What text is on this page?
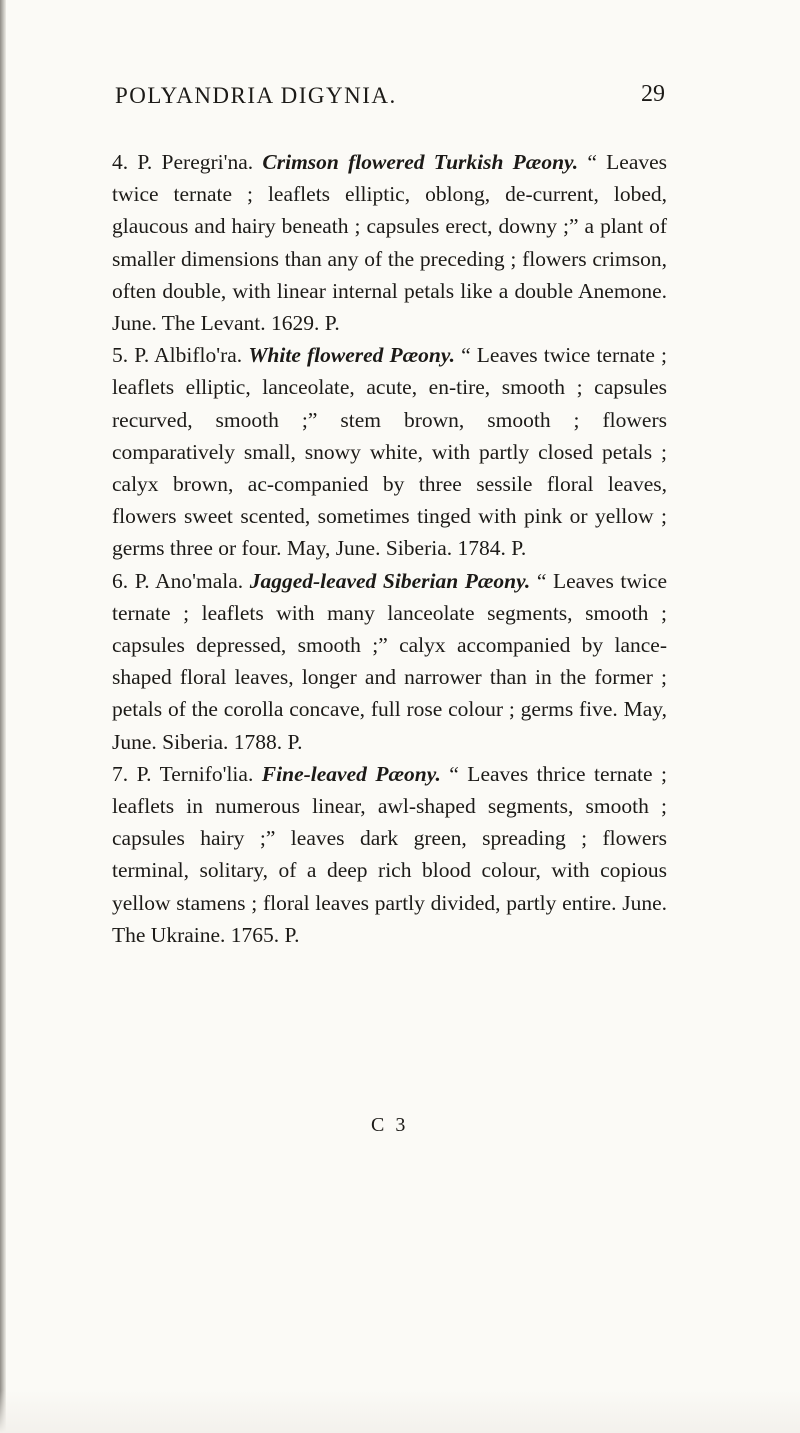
POLYANDRIA DIGYNIA.	29

4. P. Peregri'na. Crimson flowered Turkish Pæony. “ Leaves twice ternate ; leaflets elliptic, oblong, de-current, lobed, glaucous and hairy beneath ; capsules erect, downy ;” a plant of smaller dimensions than any of the preceding ; flowers crimson, often double, with linear internal petals like a double Anemone. June. The Levant. 1629. P.

5. P. Albiflo'ra. White flowered Pæony. “ Leaves twice ternate ; leaflets elliptic, lanceolate, acute, en-tire, smooth ; capsules recurved, smooth ;” stem brown, smooth ; flowers comparatively small, snowy white, with partly closed petals ; calyx brown, ac-companied by three sessile floral leaves, flowers sweet scented, sometimes tinged with pink or yellow ; germs three or four. May, June. Siberia. 1784. P.

6. P. Ano'mala. Jagged-leaved Siberian Pæony. “ Leaves twice ternate ; leaflets with many lanceolate segments, smooth ; capsules depressed, smooth ;” calyx accompanied by lance-shaped floral leaves, longer and narrower than in the former ; petals of the corolla concave, full rose colour ; germs five. May, June. Siberia. 1788. P.

7. P. Ternifo'lia. Fine-leaved Pæony. “ Leaves thrice ternate ; leaflets in numerous linear, awl-shaped segments, smooth ; capsules hairy ;” leaves dark green, spreading ; flowers terminal, solitary, of a deep rich blood colour, with copious yellow stamens ; floral leaves partly divided, partly entire. June. The Ukraine. 1765. P.

C 3
